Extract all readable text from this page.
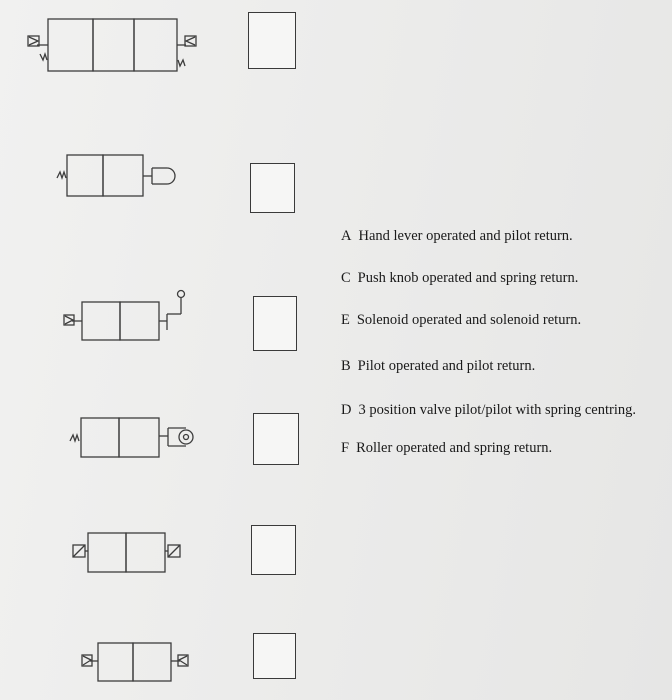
A Hand lever operated and pilot return.
C Push knob operated and spring return.
E Solenoid operated and solenoid return.
B Pilot operated and pilot return.
D 3 position valve pilot/pilot with spring centring.
F Roller operated and spring return.
